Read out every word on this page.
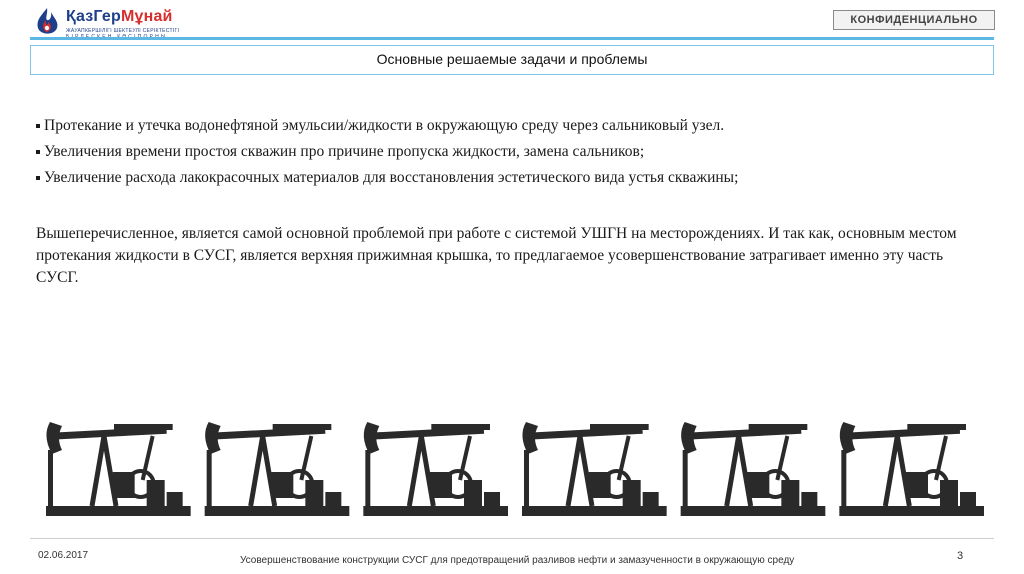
ҚазГерМұнай
ЖАУАПКЕРШІЛІГІ ШЕКТЕУЛІ СЕРІКТЕСТІГІ
КОНФИДЕНЦИАЛЬНО
Основные решаемые задачи и проблемы
Протекание и утечка водонефтяной эмульсии/жидкости в окружающую среду через сальниковый узел.
Увеличения времени простоя скважин про причине пропуска жидкости, замена сальников;
Увеличение расхода лакокрасочных материалов для восстановления эстетического вида устья скважины;

Вышеперечисленное, является самой основной проблемой при работе с системой УШГН на месторождениях. И так как, основным местом протекания жидкости в СУСГ, является верхняя прижимная крышка, то предлагаемое усовершенствование затрагивает именно эту часть СУСГ.

02.06.2017	Усовершенствование конструкции СУСГ для предотвращений разливов нефти и замазученности в окружающую среду	3
